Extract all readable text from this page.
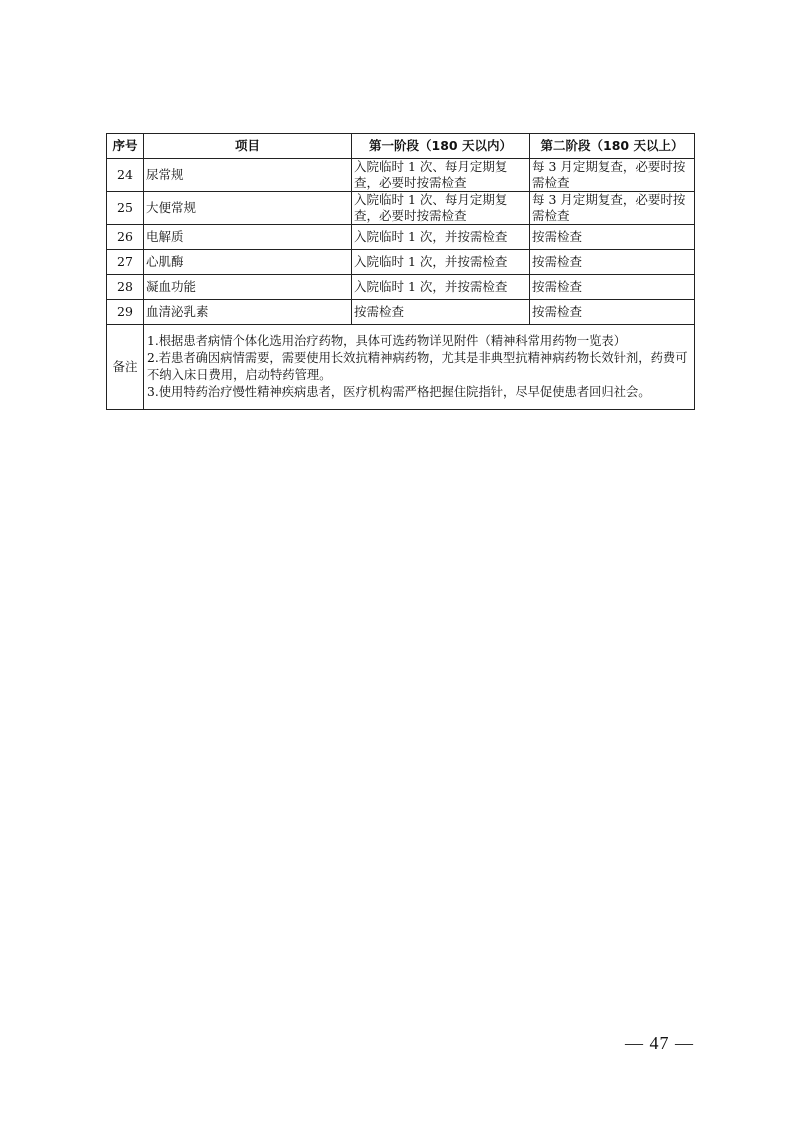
序号	项目	第一阶段（180 天以内）	第二阶段（180 天以上）
24	尿常规	入院临时 1 次、每月定期复查，必要时按需检查	每 3 月定期复查，必要时按需检查
25	大便常规	入院临时 1 次、每月定期复查，必要时按需检查	每 3 月定期复查，必要时按需检查
26	电解质	入院临时 1 次，并按需检查	按需检查
27	心肌酶	入院临时 1 次，并按需检查	按需检查
28	凝血功能	入院临时 1 次，并按需检查	按需检查
29	血清泌乳素	按需检查	按需检查
备注	1.根据患者病情个体化选用治疗药物，具体可选药物详见附件（精神科常用药物一览表）
2.若患者确因病情需要，需要使用长效抗精神病药物，尤其是非典型抗精神病药物长效针剂，药费可不纳入床日费用，启动特药管理。
3.使用特药治疗慢性精神疾病患者，医疗机构需严格把握住院指针，尽早促使患者回归社会。		
— 47 —
